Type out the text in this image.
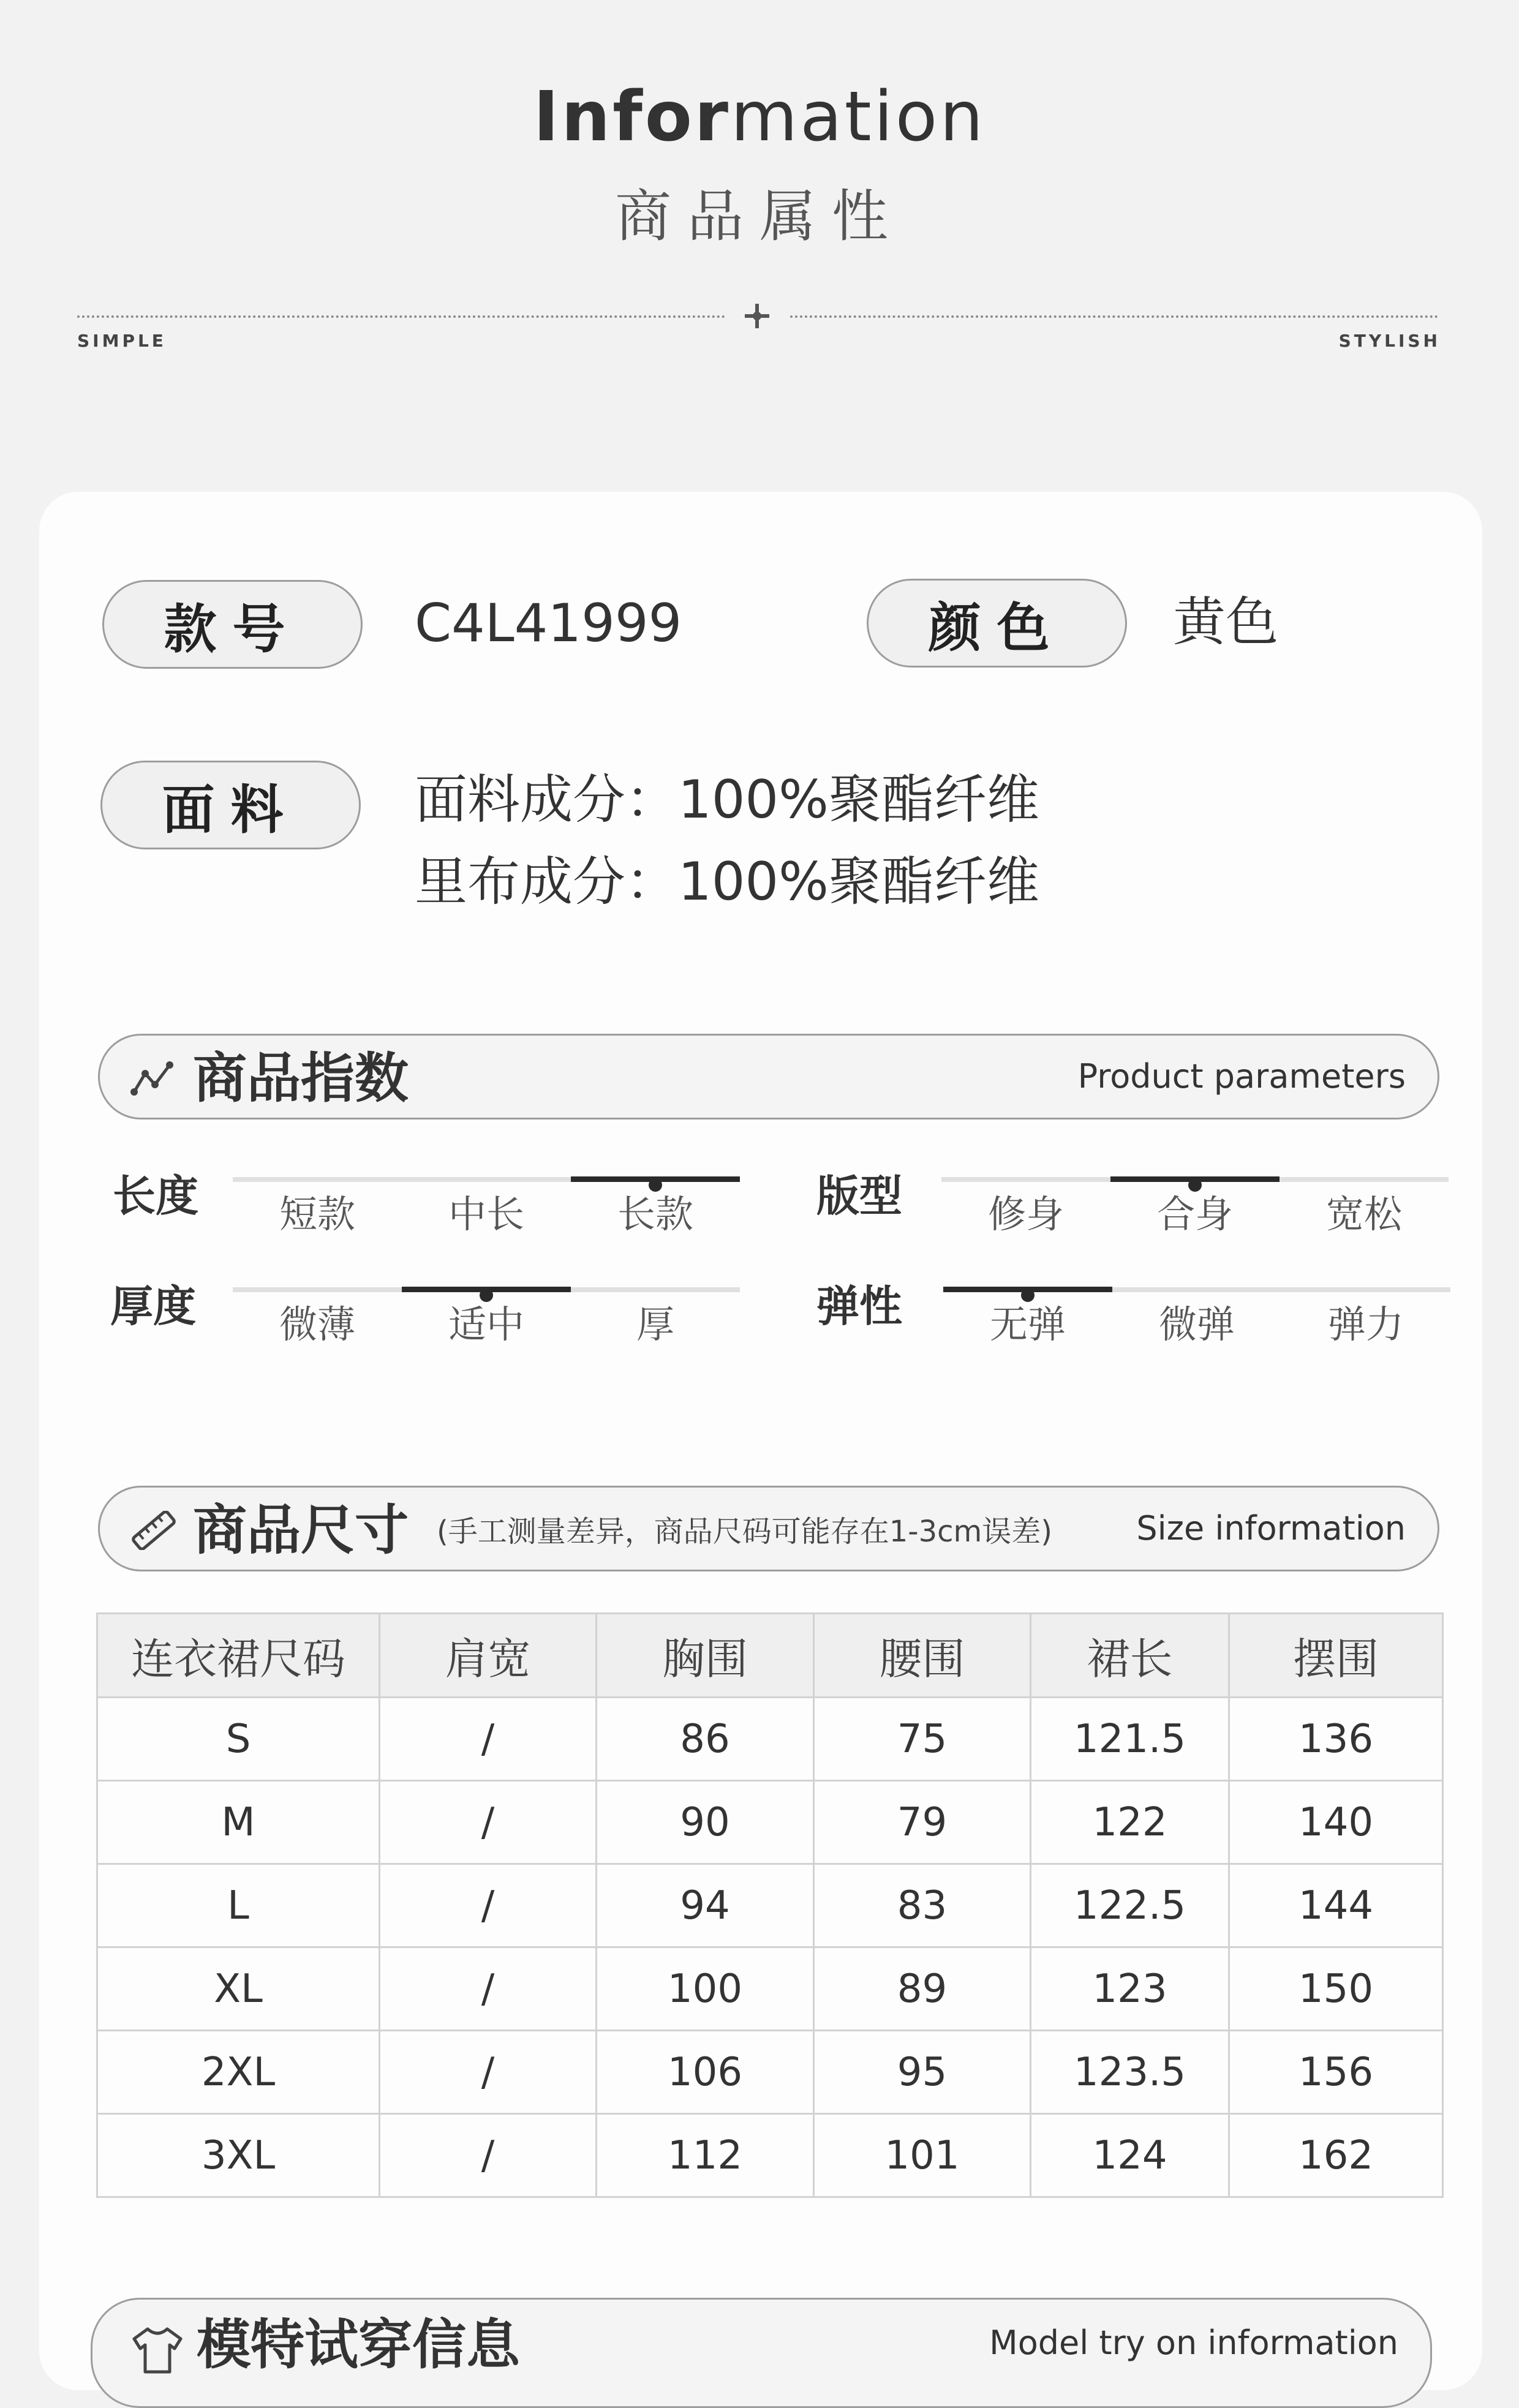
Information
商品属性
SIMPLE	STYLISH
款号 C4L41999	颜色 黄色
面料 面料成分：100%聚酯纤维
里布成分：100%聚酯纤维
商品指数	Product parameters
长度	短款	中长	长款	版型	修身	合身	宽松
厚度	微薄	适中	厚	弹性	无弹	微弹	弹力
商品尺寸 (手工测量差异，商品尺码可能存在1-3cm误差)	Size information
连衣裙尺码	肩宽	胸围	腰围	裙长	摆围
S	/	86	75	121.5	136
M	/	90	79	122	140
L	/	94	83	122.5	144
XL	/	100	89	123	150
2XL	/	106	95	123.5	156
3XL	/	112	101	124	162
模特试穿信息	Model try on information
